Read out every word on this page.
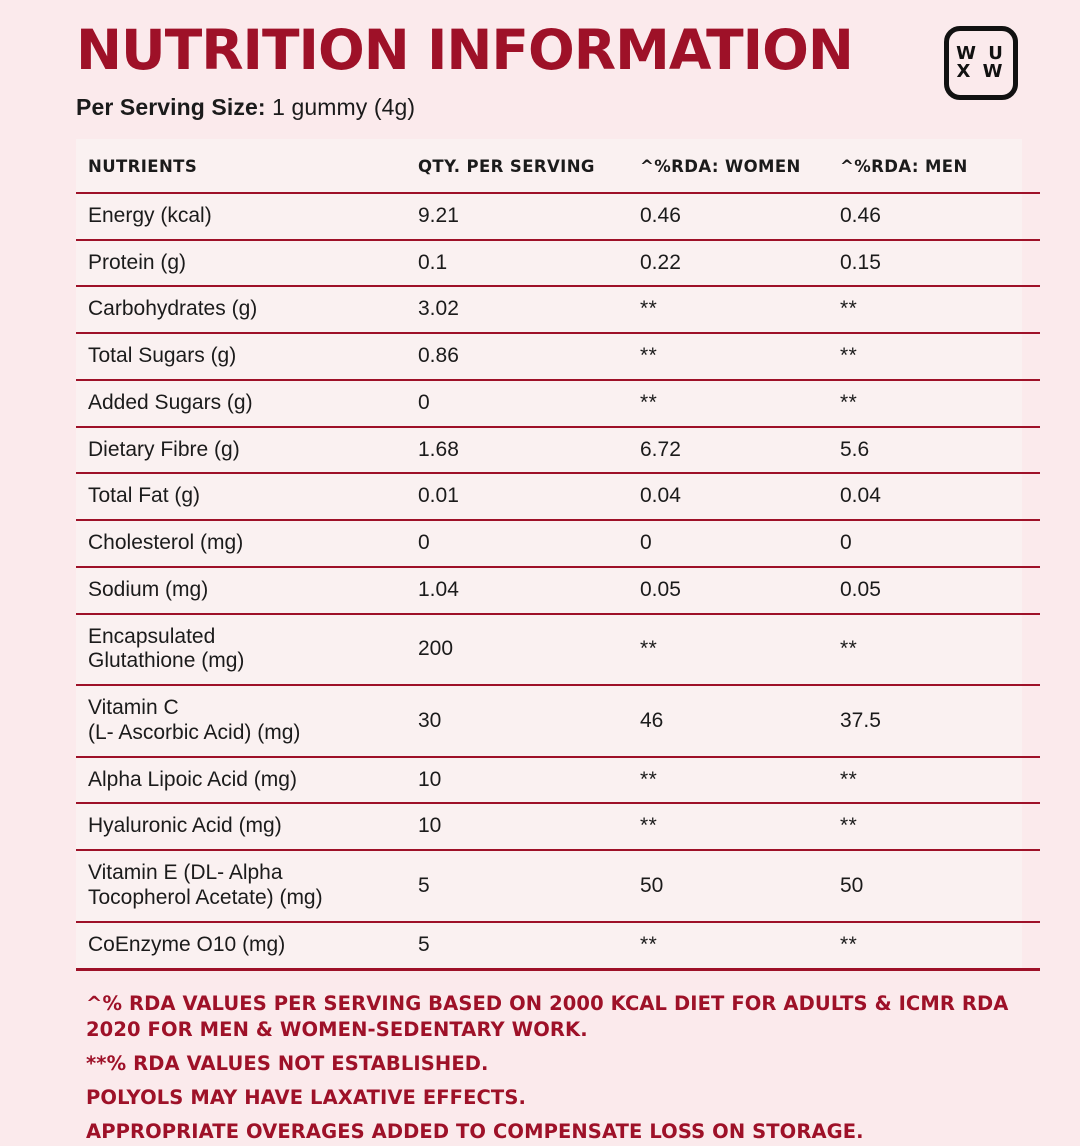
NUTRITION INFORMATION
Per Serving Size: 1 gummy (4g)
W U
X W
NUTRIENTS	QTY. PER SERVING	^%RDA: WOMEN	^%RDA: MEN
Energy (kcal)	9.21	0.46	0.46
Protein (g)	0.1	0.22	0.15
Carbohydrates (g)	3.02	**	**
Total Sugars (g)	0.86	**	**
Added Sugars (g)	0	**	**
Dietary Fibre (g)	1.68	6.72	5.6
Total Fat (g)	0.01	0.04	0.04
Cholesterol (mg)	0	0	0
Sodium (mg)	1.04	0.05	0.05
Encapsulated
Glutathione (mg)	200	**	**
Vitamin C
(L- Ascorbic Acid) (mg)	30	46	37.5
Alpha Lipoic Acid (mg)	10	**	**
Hyaluronic Acid (mg)	10	**	**
Vitamin E (DL- Alpha
Tocopherol Acetate) (mg)	5	50	50
CoEnzyme O10 (mg)	5	**	**

^% RDA VALUES PER SERVING BASED ON 2000 KCAL DIET FOR ADULTS & ICMR RDA 2020 FOR MEN & WOMEN-SEDENTARY WORK.

**% RDA VALUES NOT ESTABLISHED.

POLYOLS MAY HAVE LAXATIVE EFFECTS.

APPROPRIATE OVERAGES ADDED TO COMPENSATE LOSS ON STORAGE.
